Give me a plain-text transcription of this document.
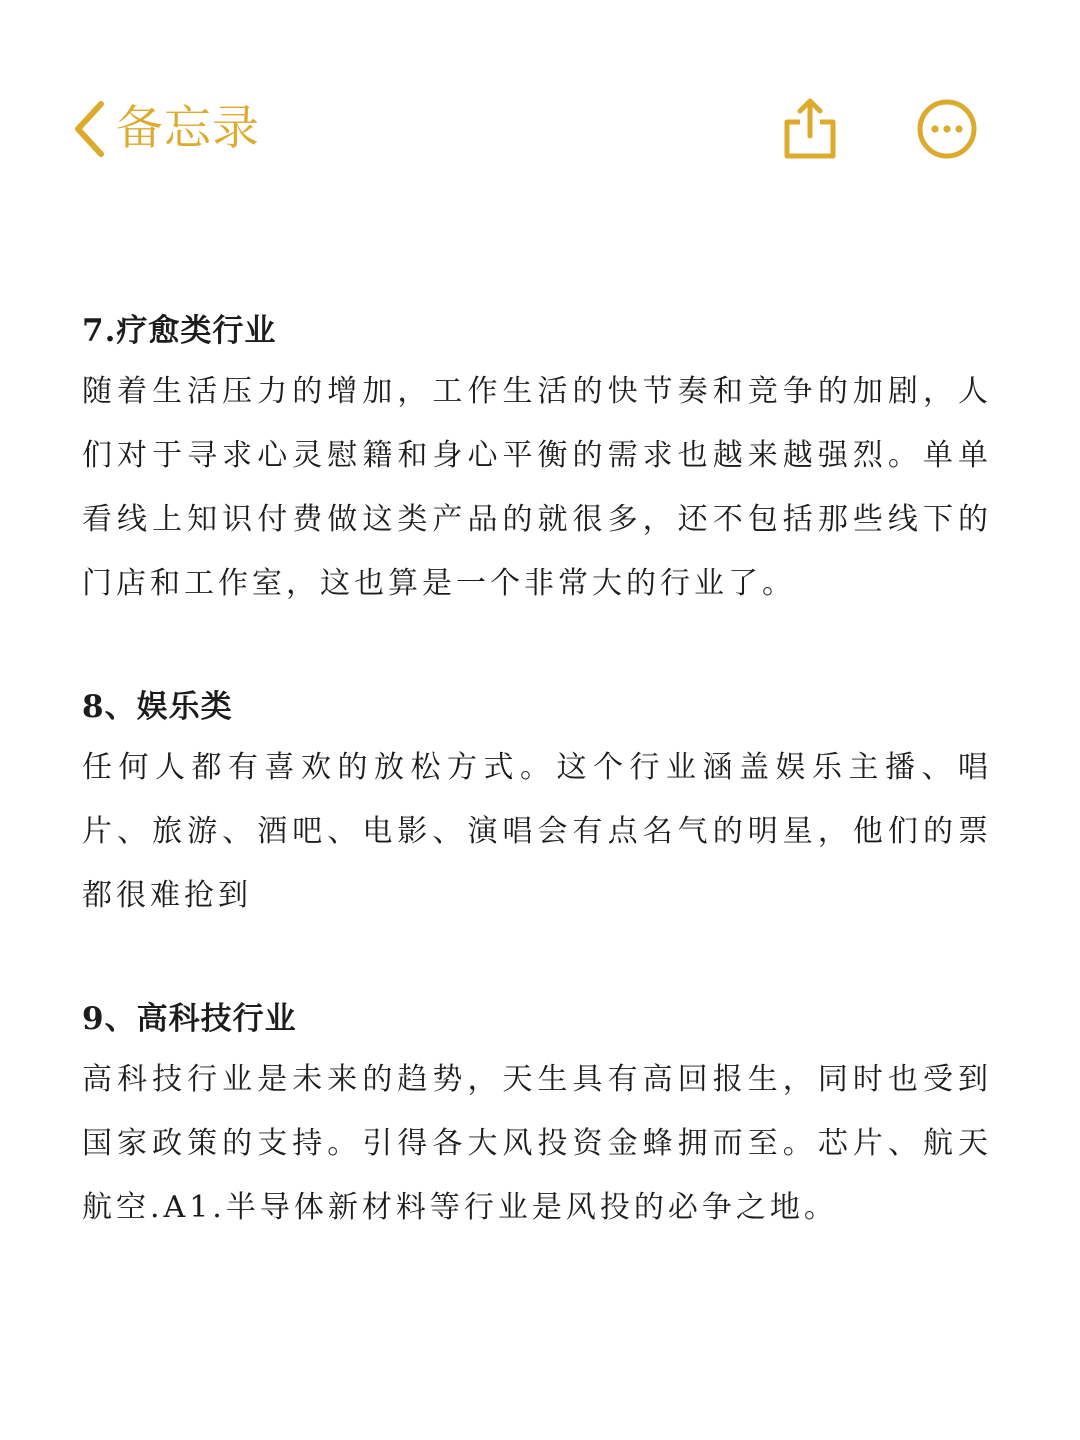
备忘录
7.疗愈类行业

随着生活压力的增加，工作生活的快节奏和竞争的加剧，人们对于寻求心灵慰籍和身心平衡的需求也越来越强烈。单单看线上知识付费做这类产品的就很多，还不包括那些线下的门店和工作室，这也算是一个非常大的行业了。

8、娱乐类

任何人都有喜欢的放松方式。这个行业涵盖娱乐主播、唱片、旅游、酒吧、电影、演唱会有点名气的明星，他们的票都很难抢到

9、高科技行业

高科技行业是未来的趋势，天生具有高回报生，同时也受到国家政策的支持。引得各大风投资金蜂拥而至。芯片、航天航空.A1.半导体新材料等行业是风投的必争之地。
